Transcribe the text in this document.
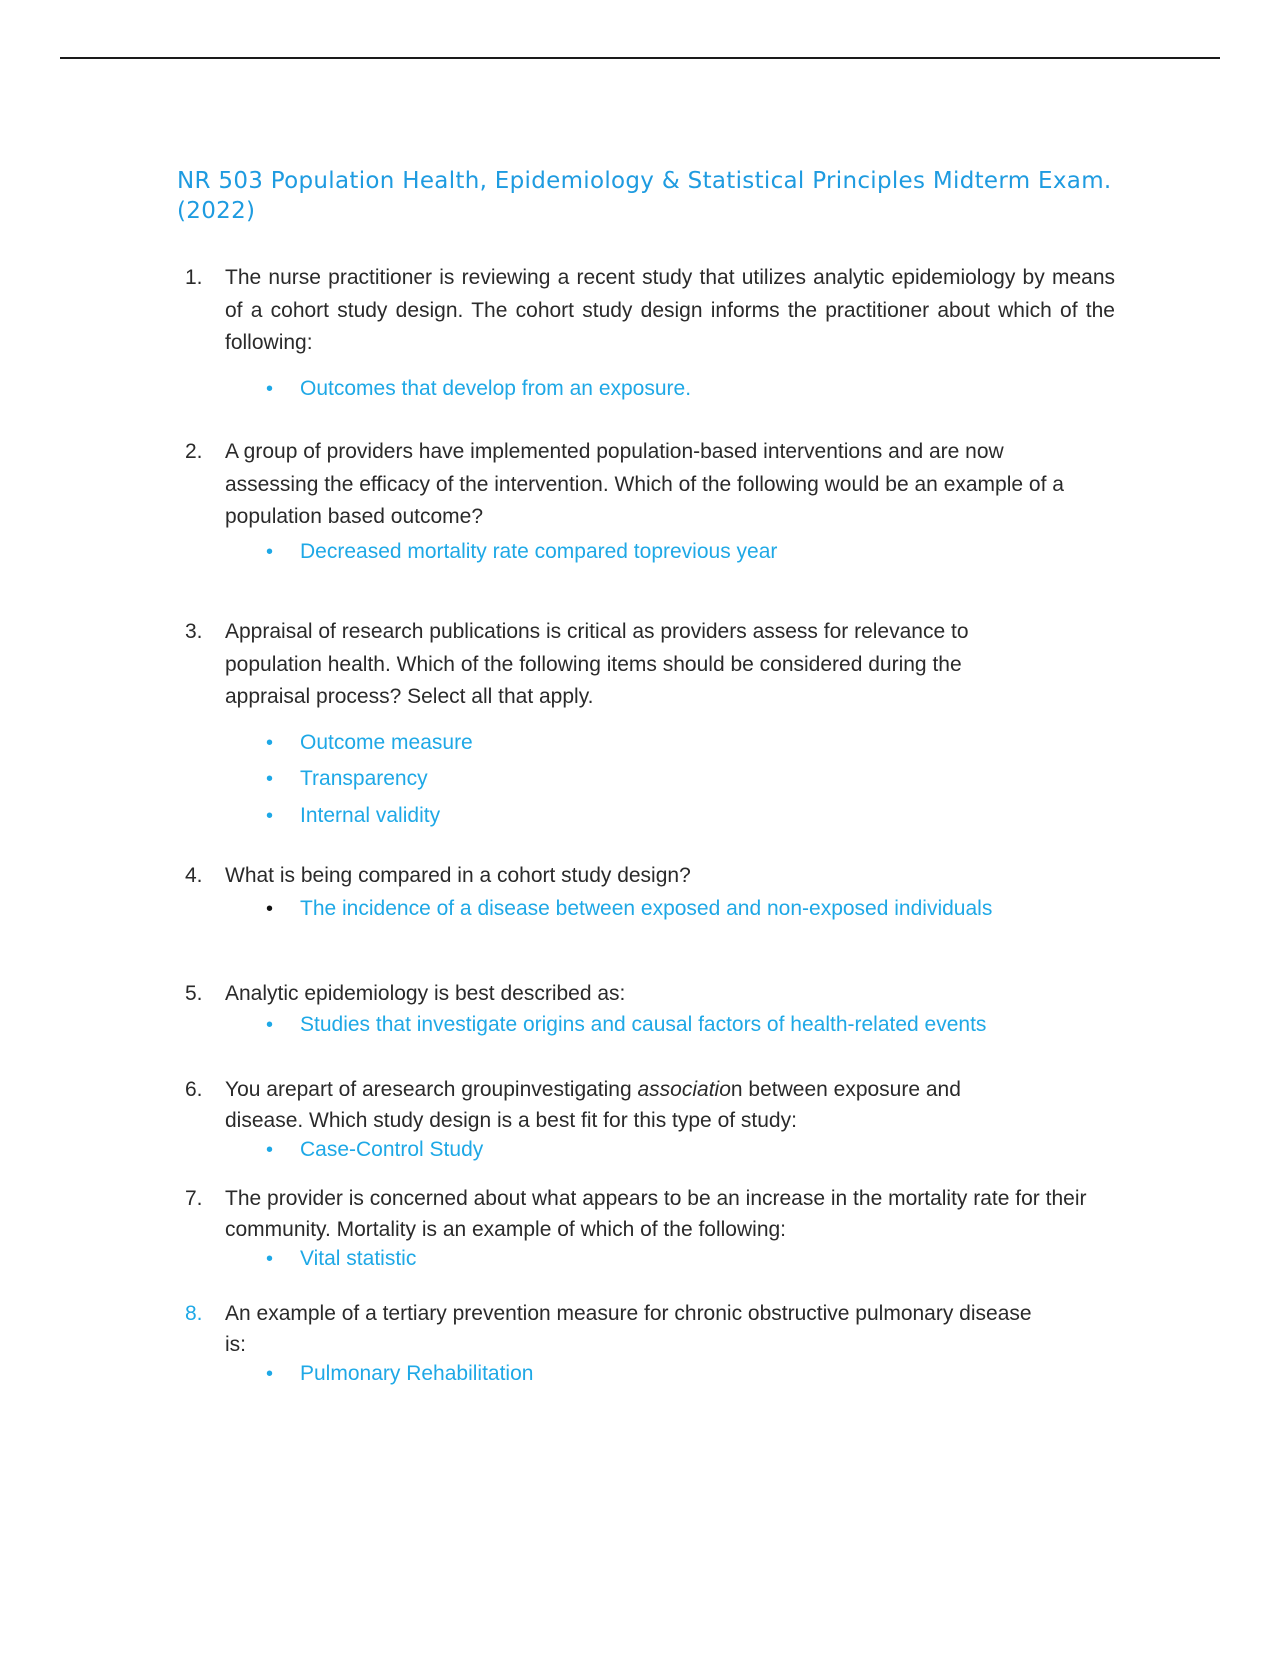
NR 503 Population Health, Epidemiology & Statistical Principles Midterm Exam.(2022)
1. The nurse practitioner is reviewing a recent study that utilizes analytic epidemiology by means of a cohort study design. The cohort study design informs the practitioner about which of the following:
• Outcomes that develop from an exposure.
2. A group of providers have implemented population-based interventions and are now assessing the efficacy of the intervention. Which of the following would be an example of a population based outcome?
• Decreased mortality rate compared toprevious year
3. Appraisal of research publications is critical as providers assess for relevance to population health. Which of the following items should be considered during the appraisal process? Select all that apply.
• Outcome measure
• Transparency
• Internal validity
4. What is being compared in a cohort study design?
• The incidence of a disease between exposed and non-exposed individuals
5. Analytic epidemiology is best described as:
• Studies that investigate origins and causal factors of health-related events
6. You arepart of aresearch groupinvestigating association between exposure and disease. Which study design is a best fit for this type of study:
• Case-Control Study
7. The provider is concerned about what appears to be an increase in the mortality rate for their community. Mortality is an example of which of the following:
• Vital statistic
8. An example of a tertiary prevention measure for chronic obstructive pulmonary disease is:
• Pulmonary Rehabilitation
